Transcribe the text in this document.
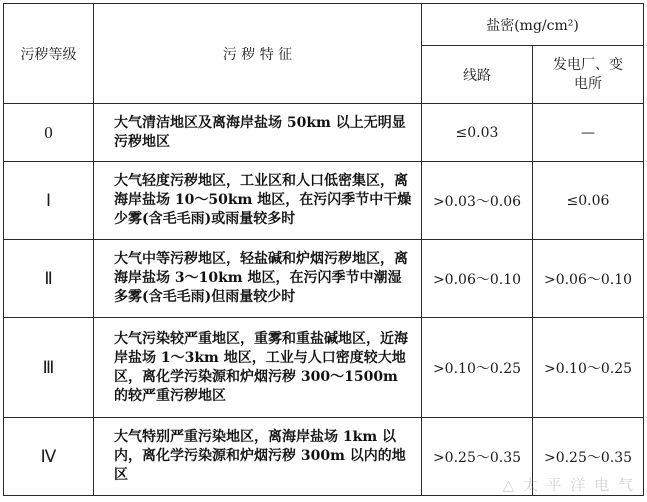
污秽等级	污 秽 特 征	盐密(mg/cm²)	
		线路	发电厂、变电所
0	大气清洁地区及离海岸盐场 50km 以上无明显污秽地区	≤0.03	—
Ⅰ	大气轻度污秽地区，工业区和人口低密集区，离海岸盐场 10～50km 地区，在污闪季节中干燥少雾(含毛毛雨)或雨量较多时	>0.03～0.06	≤0.06
Ⅱ	大气中等污秽地区，轻盐碱和炉烟污秽地区，离海岸盐场 3～10km 地区，在污闪季节中潮湿多雾(含毛毛雨)但雨量较少时	>0.06～0.10	>0.06～0.10
Ⅲ	大气污染较严重地区，重雾和重盐碱地区，近海岸盐场 1～3km 地区，工业与人口密度较大地区，离化学污染源和炉烟污秽 300～1500m 的较严重污秽地区	>0.10～0.25	>0.10～0.25
Ⅳ	大气特别严重污染地区，离海岸盐场 1km 以内，离化学污染源和炉烟污秽 300m 以内的地区	>0.25～0.35	>0.25～0.35
△ 太 平 洋 电 气
